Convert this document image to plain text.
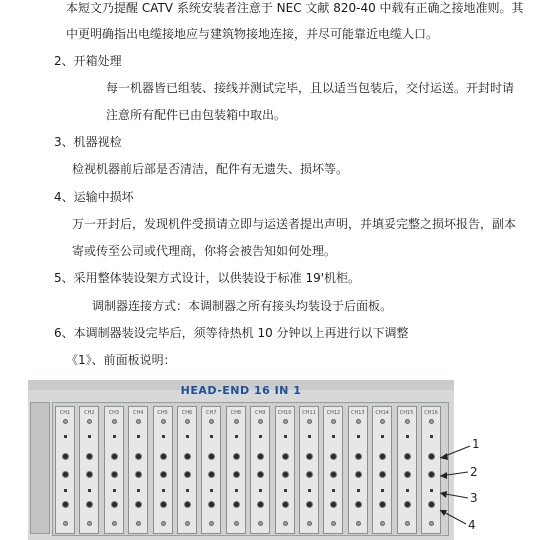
本短文乃提醒 CATV 系统安装者注意于 NEC 文献 820-40 中载有正确之接地准则。其
中更明确指出电缆接地应与建筑物接地连接，并尽可能靠近电缆人口。
2、开箱处理
每一机器皆已组装、接线并测试完毕，且以适当包装后，交付运送。开封时请
注意所有配件已由包装箱中取出。
3、机器视检
检视机器前后部是否清洁，配件有无遗失、损坏等。
4、运输中损坏
万一开封后，发现机件受损请立即与运送者提出声明，并填妥完整之损坏报告，副本
寄或传至公司或代理商，你将会被告知如何处理。
5、采用整体装设架方式设计，以供装设于标准 19'机柜。
调制器连接方式：本调制器之所有接头均装设于后面板。
6、本调制器装设完毕后，须等待热机 10 分钟以上再进行以下调整
《1》、前面板说明：
HEAD-END 16 IN 1
CH1	CH2	CH3	CH4	CH5	CH6	CH7	CH8	CH9	CH10	CH11	CH12	CH13	CH14	CH15	CH16
1
2
3
4
